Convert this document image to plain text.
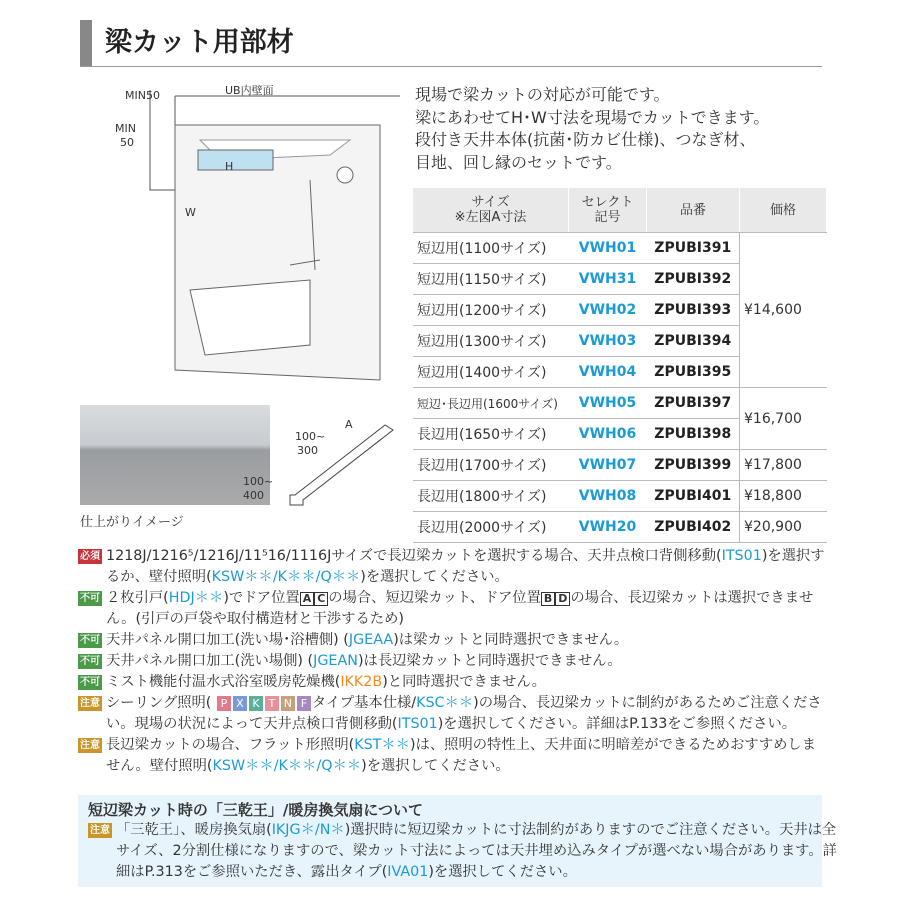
梁カット用部材
MIN50	UB内壁面
MIN
50
H
W
仕上がりイメージ
100~
300
100~
400
A
現場で梁カットの対応が可能です。
梁にあわせてH･W寸法を現場でカットできます。
段付き天井本体(抗菌･防カビ仕様)、つなぎ材、
目地、回し縁のセットです。
サイズ
※左図A寸法	セレクト
記号	品番	価格
短辺用(1100サイズ)	VWH01	ZPUBI391	¥14,600
短辺用(1150サイズ)	VWH31	ZPUBI392	
短辺用(1200サイズ)	VWH02	ZPUBI393	
短辺用(1300サイズ)	VWH03	ZPUBI394	
短辺用(1400サイズ)	VWH04	ZPUBI395	
短辺･長辺用(1600サイズ)	VWH05	ZPUBI397	¥16,700
長辺用(1650サイズ)	VWH06	ZPUBI398	
長辺用(1700サイズ)	VWH07	ZPUBI399	¥17,800
長辺用(1800サイズ)	VWH08	ZPUBI401	¥18,800
長辺用(2000サイズ)	VWH20	ZPUBI402	¥20,900
必須 1218J/1216⁵/1216J/11⁵16/1116Jサイズで長辺梁カットを選択する場合、天井点検口背側移動(ITS01)を選択するか、壁付照明(KSW＊＊/K＊＊/Q＊＊)を選択してください。
不可 ２枚引戸(HDJ＊＊)でドア位置 A C の場合、短辺梁カット、ドア位置 B D の場合、長辺梁カットは選択できません。(引戸の戸袋や取付構造材と干渉するため)
不可 天井パネル開口加工(洗い場･浴槽側) (JGEAA)は梁カットと同時選択できません。
不可 天井パネル開口加工(洗い場側) (JGEAN)は長辺梁カットと同時選択できません。
不可 ミスト機能付温水式浴室暖房乾燥機(IKK2B)と同時選択できません。
注意 シーリング照明( P X K T N F タイプ基本仕様/KSC＊＊)の場合、長辺梁カットに制約があるためご注意ください。現場の状況によって天井点検口背側移動(ITS01)を選択してください。詳細はP.133をご参照ください。
注意 長辺梁カットの場合、フラット形照明(KST＊＊)は、照明の特性上、天井面に明暗差ができるためおすすめしません。壁付照明(KSW＊＊/K＊＊/Q＊＊)を選択してください。
短辺梁カット時の「三乾王」/暖房換気扇について
注意 「三乾王」、暖房換気扇(IKJG＊/N＊)選択時に短辺梁カットに寸法制約がありますのでご注意ください。天井は全サイズ、2分割仕様になりますので、梁カット寸法によっては天井埋め込みタイプが選べない場合があります。詳細はP.313をご参照いただき、露出タイプ(IVA01)を選択してください。
